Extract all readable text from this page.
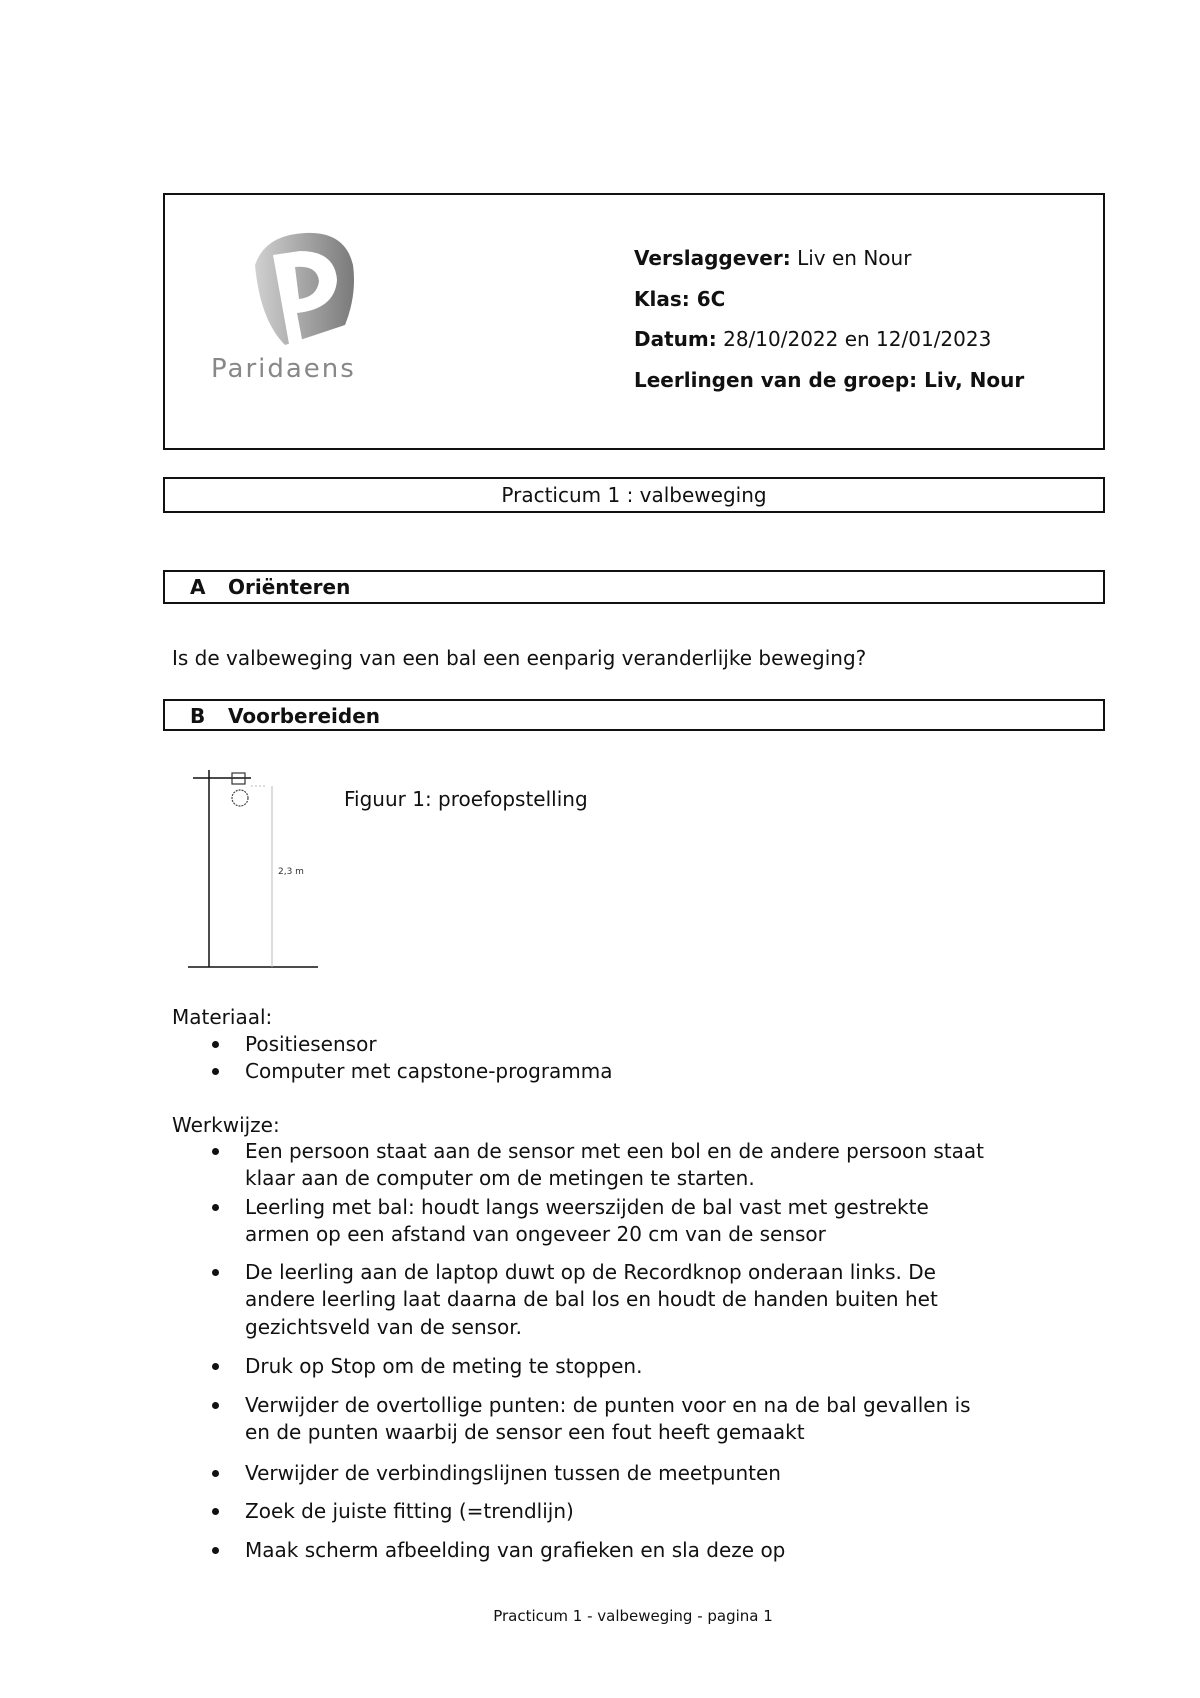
Paridaens
Verslaggever: Liv en Nour
Klas: 6C
Datum: 28/10/2022 en 12/01/2023
Leerlingen van de groep: Liv, Nour
Practicum 1 : valbeweging
A Oriënteren
Is de valbeweging van een bal een eenparig veranderlijke beweging?
B Voorbereiden
2,3 m
Figuur 1: proefopstelling
Materiaal:
Positiesensor
Computer met capstone-programma
Werkwijze:
Een persoon staat aan de sensor met een bol en de andere persoon staat
klaar aan de computer om de metingen te starten.
Leerling met bal: houdt langs weerszijden de bal vast met gestrekte
armen op een afstand van ongeveer 20 cm van de sensor
De leerling aan de laptop duwt op de Recordknop onderaan links. De
andere leerling laat daarna de bal los en houdt de handen buiten het
gezichtsveld van de sensor.
Druk op Stop om de meting te stoppen.
Verwijder de overtollige punten: de punten voor en na de bal gevallen is
en de punten waarbij de sensor een fout heeft gemaakt
Verwijder de verbindingslijnen tussen de meetpunten
Zoek de juiste fitting (=trendlijn)
Maak scherm afbeelding van grafieken en sla deze op
Practicum 1 - valbeweging - pagina 1
